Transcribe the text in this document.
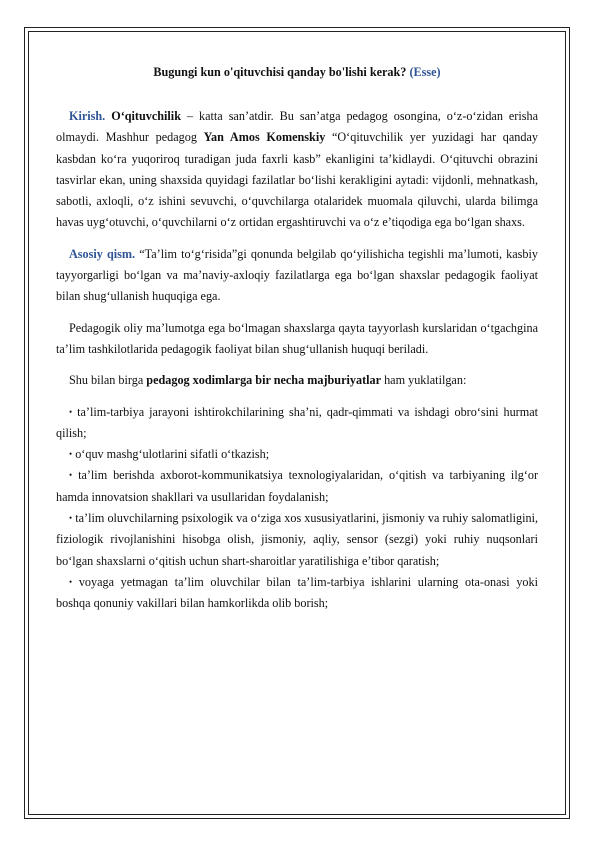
Bugungi kun o'qituvchisi qanday bo'lishi kerak? (Esse)

Kirish. O‘qituvchilik – katta san’atdir. Bu san’atga pedagog osongina, o‘z-o‘zidan erisha olmaydi. Mashhur pedagog Yan Amos Komenskiy “O‘qituvchilik yer yuzidagi har qanday kasbdan ko‘ra yuqoriroq turadigan juda faxrli kasb” ekanligini ta’kidlaydi. O‘qituvchi obrazini tasvirlar ekan, uning shaxsida quyidagi fazilatlar bo‘lishi kerakligini aytadi: vijdonli, mehnatkash, sabotli, axloqli, o‘z ishini sevuvchi, o‘quvchilarga otalaridek muomala qiluvchi, ularda bilimga havas uyg‘otuvchi, o‘quvchilarni o‘z ortidan ergashtiruvchi va o‘z e’tiqodiga ega bo‘lgan shaxs.

Asosiy qism. “Ta’lim to‘g‘risida”gi qonunda belgilab qo‘yilishicha tegishli ma’lumoti, kasbiy tayyorgarligi bo‘lgan va ma’naviy-axloqiy fazilatlarga ega bo‘lgan shaxslar pedagogik faoliyat bilan shug‘ullanish huquqiga ega.

Pedagogik oliy ma’lumotga ega bo‘lmagan shaxslarga qayta tayyorlash kurslaridan o‘tgachgina ta’lim tashkilotlarida pedagogik faoliyat bilan shug‘ullanish huquqi beriladi.

Shu bilan birga pedagog xodimlarga bir necha majburiyatlar ham yuklatilgan:

• ta’lim-tarbiya jarayoni ishtirokchilarining sha’ni, qadr-qimmati va ishdagi obro‘sini hurmat qilish;
• o‘quv mashg‘ulotlarini sifatli o‘tkazish;
• ta’lim berishda axborot-kommunikatsiya texnologiyalaridan, o‘qitish va tarbiyaning ilg‘or hamda innovatsion shakllari va usullaridan foydalanish;
• ta’lim oluvchilarning psixologik va o‘ziga xos xususiyatlarini, jismoniy va ruhiy salomatligini, fiziologik rivojlanishini hisobga olish, jismoniy, aqliy, sensor (sezgi) yoki ruhiy nuqsonlari bo‘lgan shaxslarni o‘qitish uchun shart-sharoitlar yaratilishiga e’tibor qaratish;
• voyaga yetmagan ta’lim oluvchilar bilan ta’lim-tarbiya ishlarini ularning ota-onasi yoki boshqa qonuniy vakillari bilan hamkorlikda olib borish;
